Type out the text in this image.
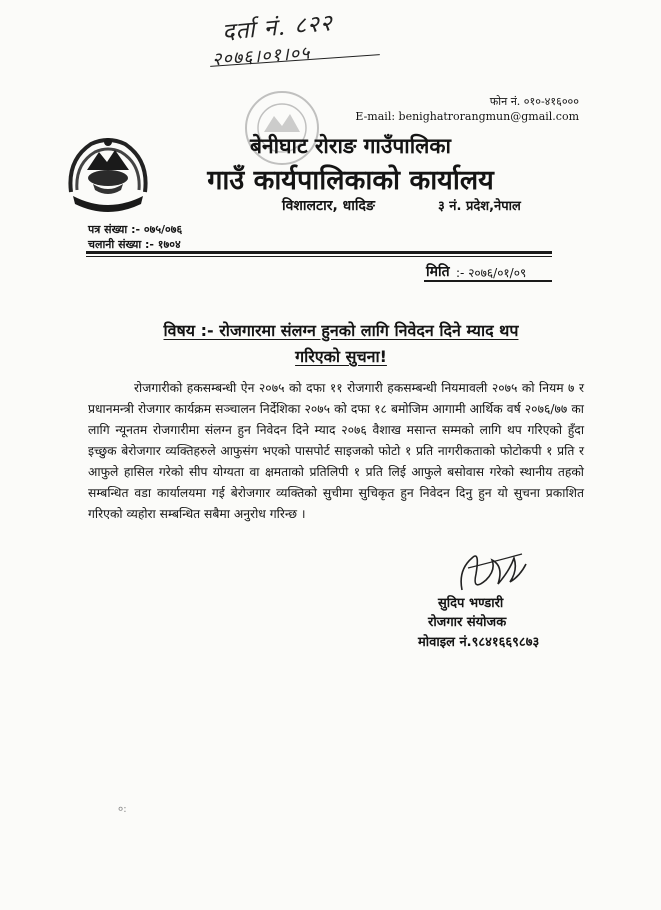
दर्ता नं. ८२२
२०७६।०१।०५
फोन नं. ०१०-४१६०००
E-mail: benighatrorangmun@gmail.com
बेनीघाट रोराङ गाउँपालिका
गाउँ कार्यपालिकाको कार्यालय
विशालटार, धादिङ	३ नं. प्रदेश,नेपाल
पत्र संख्या :- ०७५/०७६
चलानी संख्या :- १७०४
मिति :- २०७६/०१/०९
विषय :- रोजगारमा संलग्न हुनको लागि निवेदन दिने म्याद थप
गरिएको सुचना!
रोजगारीको हकसम्बन्धी ऐन २०७५ को दफा ११ रोजगारी हकसम्बन्धी नियमावली २०७५ को नियम ७ र प्रधानमन्त्री रोजगार कार्यक्रम सञ्चालन निर्देशिका २०७५ को दफा १८ बमोजिम आगामी आर्थिक वर्ष २०७६/७७ का लागि न्यूनतम रोजगारीमा संलग्न हुन निवेदन दिने म्याद २०७६ वैशाख मसान्त सम्मको लागि थप गरिएको हुँदा इच्छुक बेरोजगार व्यक्तिहरुले आफुसंग भएको पासपोर्ट साइजको फोटो १ प्रति नागरीकताको फोटोकपी १ प्रति र आफुले हासिल गरेको सीप योग्यता वा क्षमताको प्रतिलिपी १ प्रति लिई आफुले बसोवास गरेको स्थानीय तहको सम्बन्धित वडा कार्यालयमा गई बेरोजगार व्यक्तिको सुचीमा सुचिकृत हुन निवेदन दिनु हुन यो सुचना प्रकाशित गरिएको व्यहोरा सम्बन्धित सबैमा अनुरोध गरिन्छ ।
सुदिप भण्डारी
रोजगार संयोजक
मोवाइल नं.९८४१६६९८७३
०:
